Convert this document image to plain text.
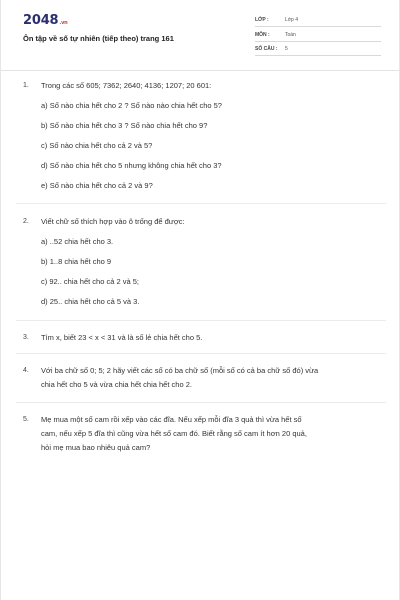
2048.vn
Ôn tập về số tự nhiên (tiếp theo) trang 161
LỚP :	Lớp 4
MÔN :	Toán
SỐ CÂU : 5
1. Trong các số 605; 7362; 2640; 4136; 1207; 20 601:
a) Số nào chia hết cho 2 ? Số nào nào chia hết cho 5?
b) Số nào chia hết cho 3 ? Số nào chia hết cho 9?
c) Số nào chia hết cho cả 2 và 5?
d) Số nào chia hết cho 5 nhưng không chia hết cho 3?
e) Số nào chia hết cho cả 2 và 9?
2. Viết chữ số thích hợp vào ô trống để được:
a) ..52 chia hết cho 3.
b) 1..8 chia hết cho 9
c) 92.. chia hết cho cả 2 và 5;
d) 25.. chia hết cho cả 5 và 3.
3. Tìm x, biết 23 < x < 31 và là số lẻ chia hết cho 5.
4. Với ba chữ số 0; 5; 2 hãy viết các số có ba chữ số (mỗi số có cả ba chữ số đó) vừa
chia hết cho 5 và vừa chia hết chia hết cho 2.
5. Mẹ mua một số cam rồi xếp vào các đĩa. Nếu xếp mỗi đĩa 3 quả thì vừa hết số
cam, nếu xếp 5 đĩa thì cũng vừa hết số cam đó. Biết rằng số cam ít hơn 20 quả,
hỏi mẹ mua bao nhiêu quả cam?
